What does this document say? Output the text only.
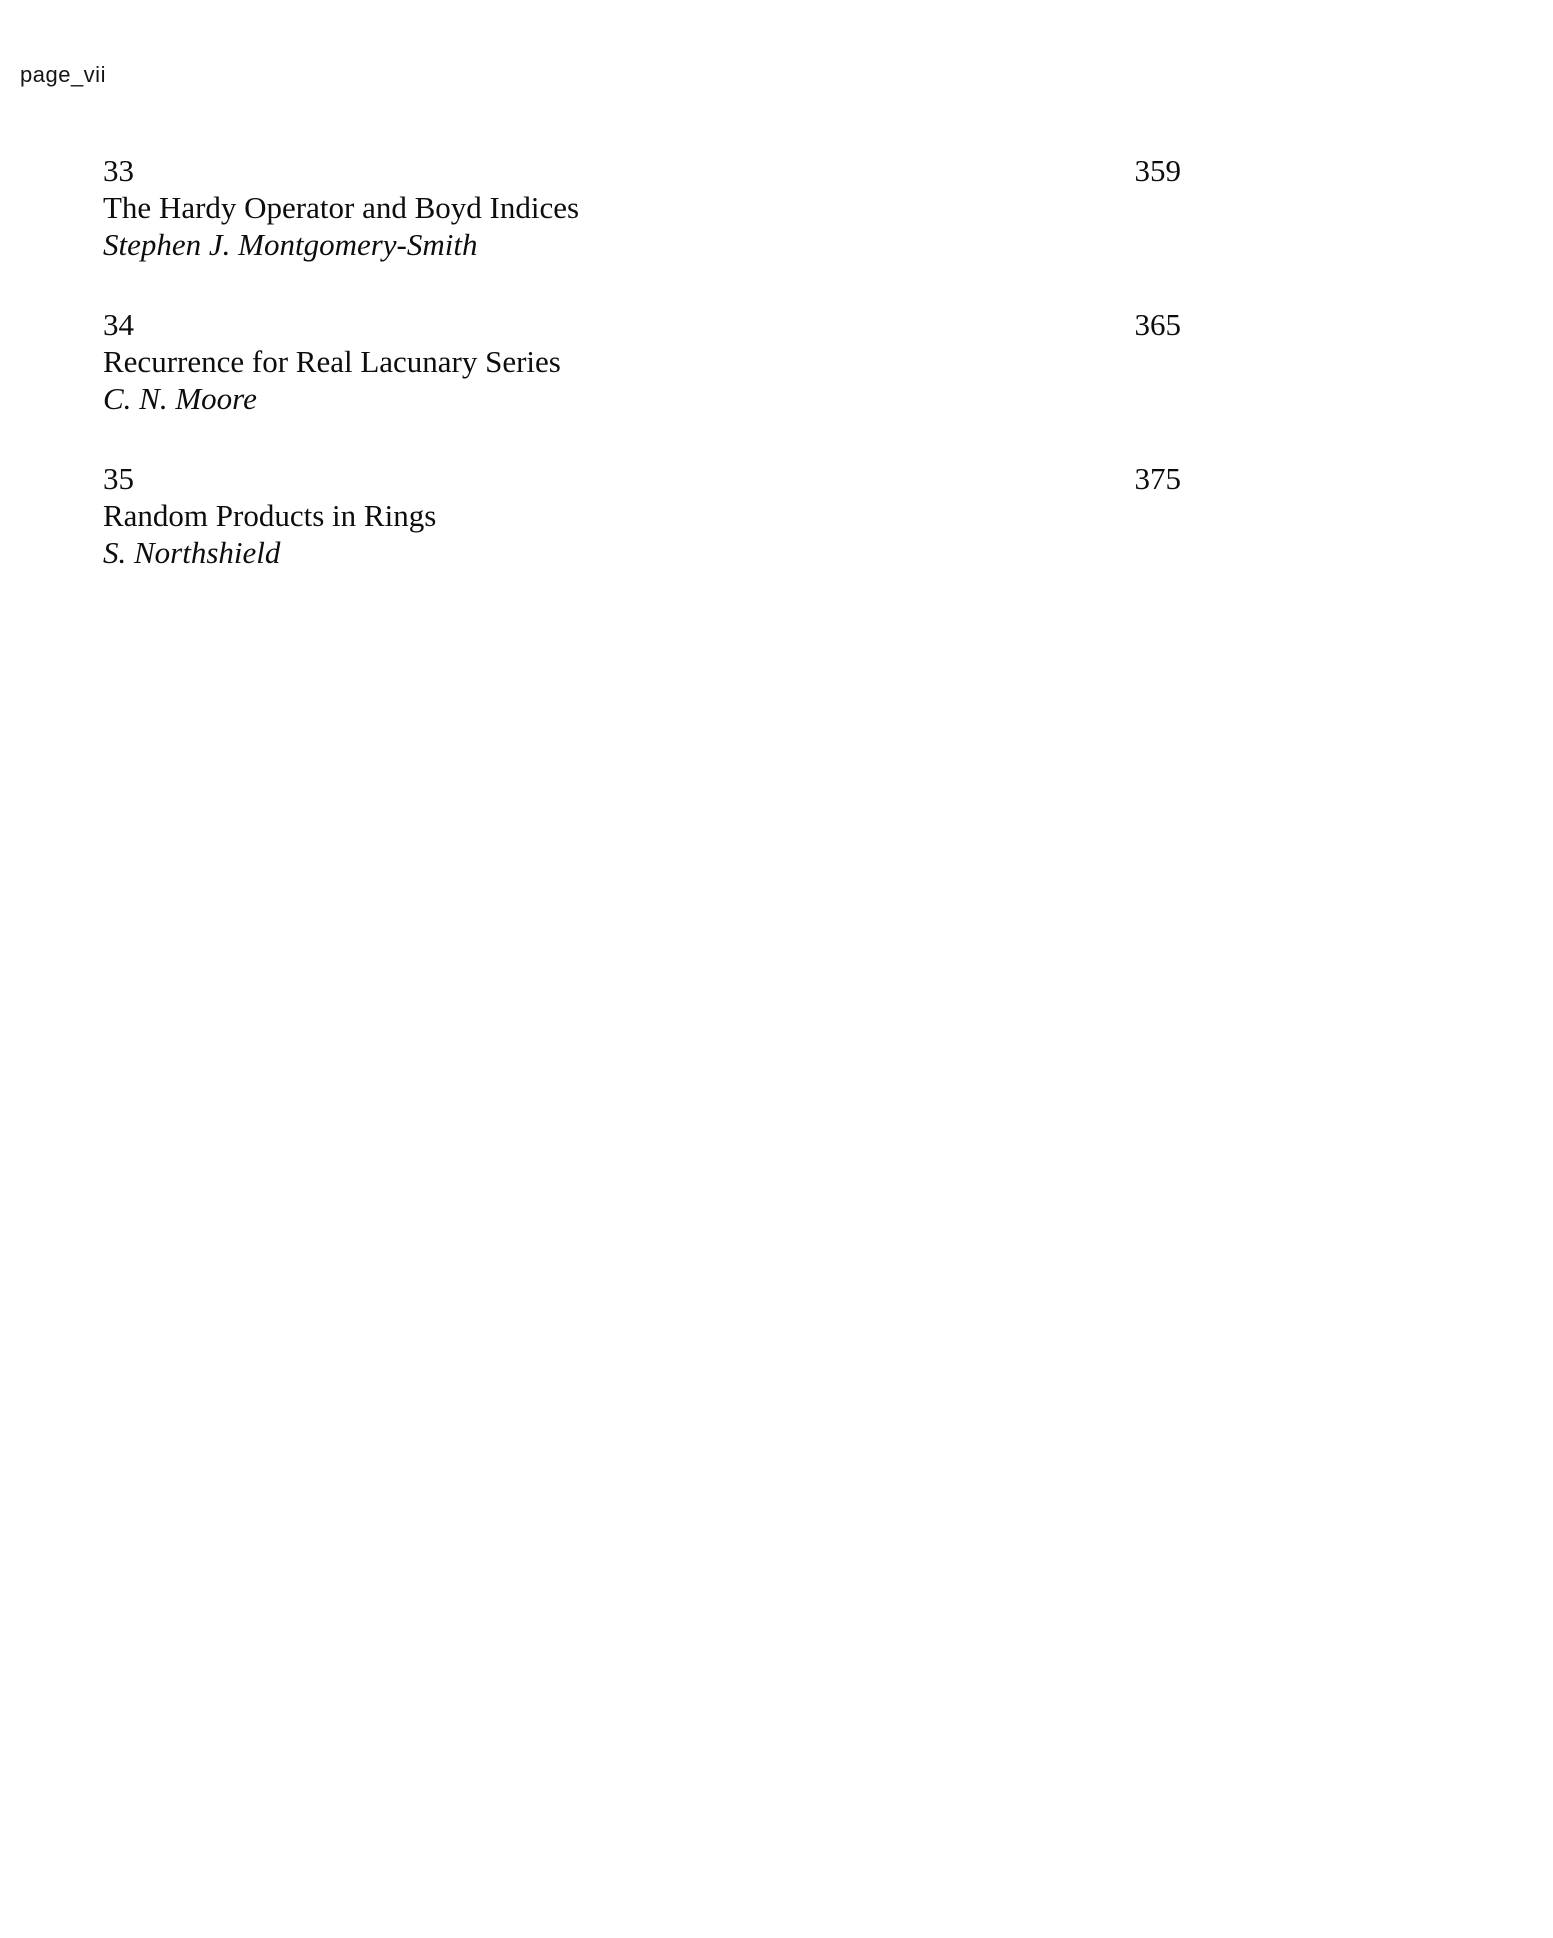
page_vii
33	359
The Hardy Operator and Boyd Indices
Stephen J. Montgomery-Smith
34	365
Recurrence for Real Lacunary Series
C. N. Moore
35	375
Random Products in Rings
S. Northshield
